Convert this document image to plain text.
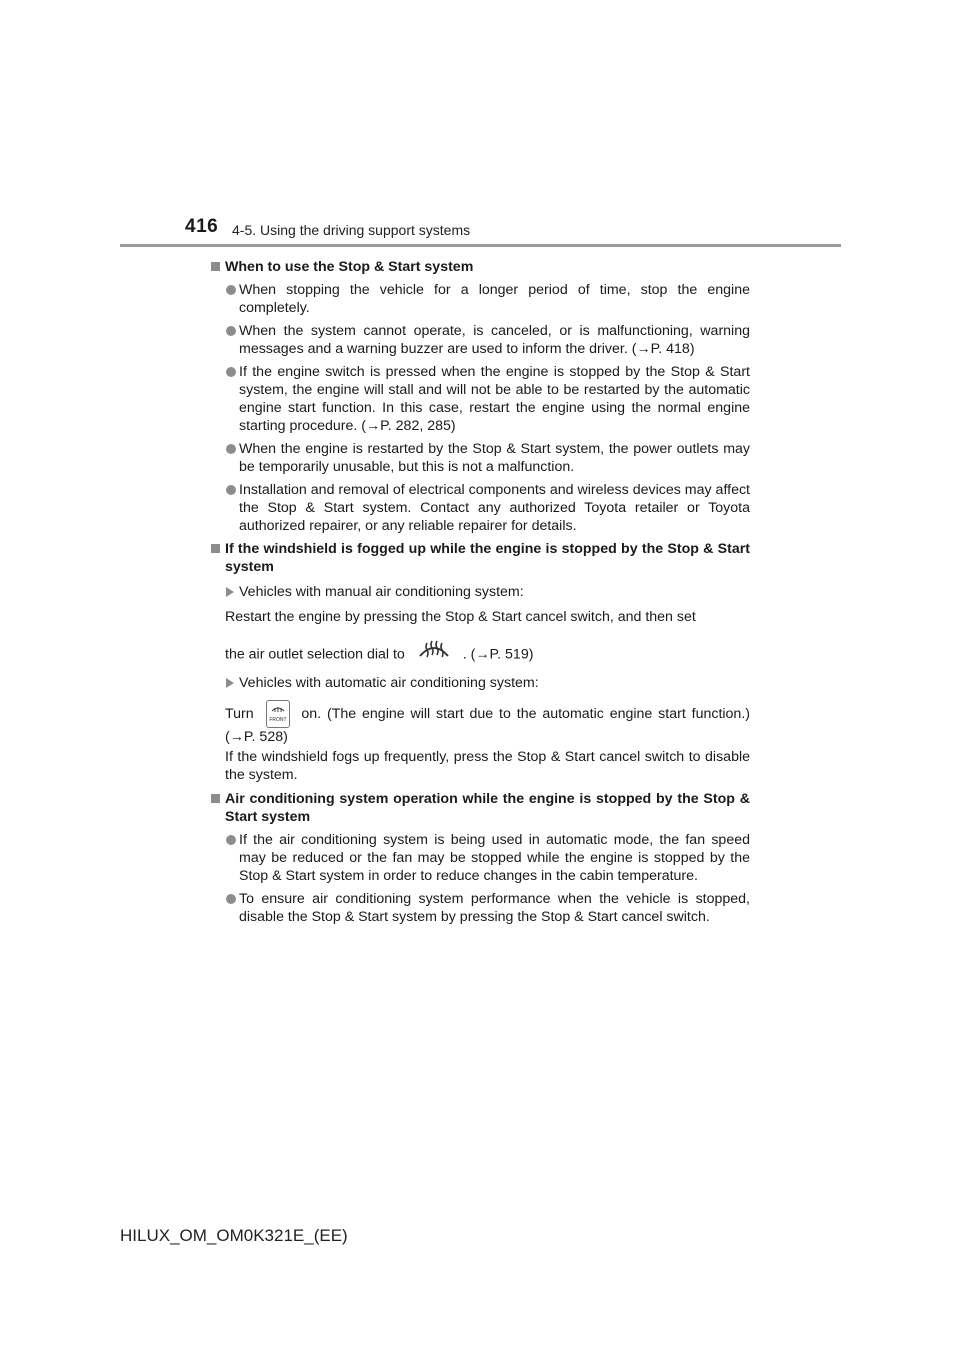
416 4-5. Using the driving support systems
When to use the Stop & Start system
When stopping the vehicle for a longer period of time, stop the engine completely.
When the system cannot operate, is canceled, or is malfunctioning, warning messages and a warning buzzer are used to inform the driver. (→P. 418)
If the engine switch is pressed when the engine is stopped by the Stop & Start system, the engine will stall and will not be able to be restarted by the automatic engine start function. In this case, restart the engine using the normal engine starting procedure. (→P. 282, 285)
When the engine is restarted by the Stop & Start system, the power outlets may be temporarily unusable, but this is not a malfunction.
Installation and removal of electrical components and wireless devices may affect the Stop & Start system. Contact any authorized Toyota retailer or Toyota authorized repairer, or any reliable repairer for details.
If the windshield is fogged up while the engine is stopped by the Stop & Start system
Vehicles with manual air conditioning system:
Restart the engine by pressing the Stop & Start cancel switch, and then set
the air outlet selection dial to	. (→P. 519)
Vehicles with automatic air conditioning system:
Turn	FRONT on. (The engine will start due to the automatic engine start function.) (→P. 528)
If the windshield fogs up frequently, press the Stop & Start cancel switch to disable the system.
Air conditioning system operation while the engine is stopped by the Stop & Start system
If the air conditioning system is being used in automatic mode, the fan speed may be reduced or the fan may be stopped while the engine is stopped by the Stop & Start system in order to reduce changes in the cabin temperature.
To ensure air conditioning system performance when the vehicle is stopped, disable the Stop & Start system by pressing the Stop & Start cancel switch.
HILUX_OM_OM0K321E_(EE)
